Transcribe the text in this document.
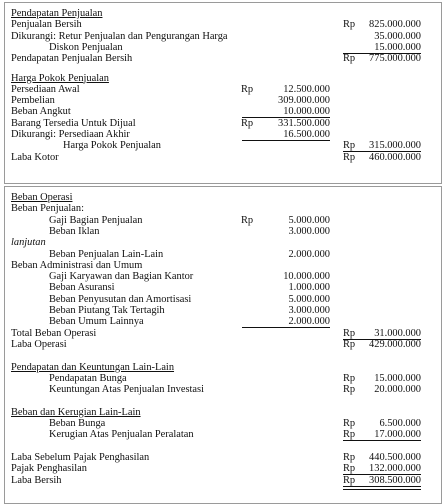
Pendapatan Penjualan
Penjualan Bersih	Rp 825.000.000
Dikurangi: Retur Penjualan dan Pengurangan Harga	35.000.000
Diskon Penjualan	15.000.000
Pendapatan Penjualan Bersih	Rp 775.000.000
Harga Pokok Penjualan
Persediaan Awal	Rp	12.500.000
Pembelian	309.000.000
Beban Angkut	10.000.000
Barang Tersedia Untuk Dijual	Rp 331.500.000
Dikurangi: Persediaan Akhir	16.500.000
Harga Pokok Penjualan	Rp 315.000.000
Laba Kotor	Rp 460.000.000
Beban Operasi
Beban Penjualan:
Gaji Bagian Penjualan	Rp	5.000.000
Beban Iklan	3.000.000
lanjutan
Beban Penjualan Lain-Lain	2.000.000
Beban Administrasi dan Umum
Gaji Karyawan dan Bagian Kantor	10.000.000
Beban Asuransi	1.000.000
Beban Penyusutan dan Amortisasi	5.000.000
Beban Piutang Tak Tertagih	3.000.000
Beban Umum Lainnya	2.000.000
Total Beban Operasi	Rp 31.000.000
Laba Operasi	Rp 429.000.000
Pendapatan dan Keuntungan Lain-Lain
Pendapatan Bunga	Rp 15.000.000
Keuntungan Atas Penjualan Investasi	Rp 20.000.000
Beban dan Kerugian Lain-Lain
Beban Bunga	Rp 6.500.000
Kerugian Atas Penjualan Peralatan	Rp 17.000.000
Laba Sebelum Pajak Penghasilan	Rp 440.500.000
Pajak Penghasilan	Rp 132.000.000
Laba Bersih	Rp 308.500.000
